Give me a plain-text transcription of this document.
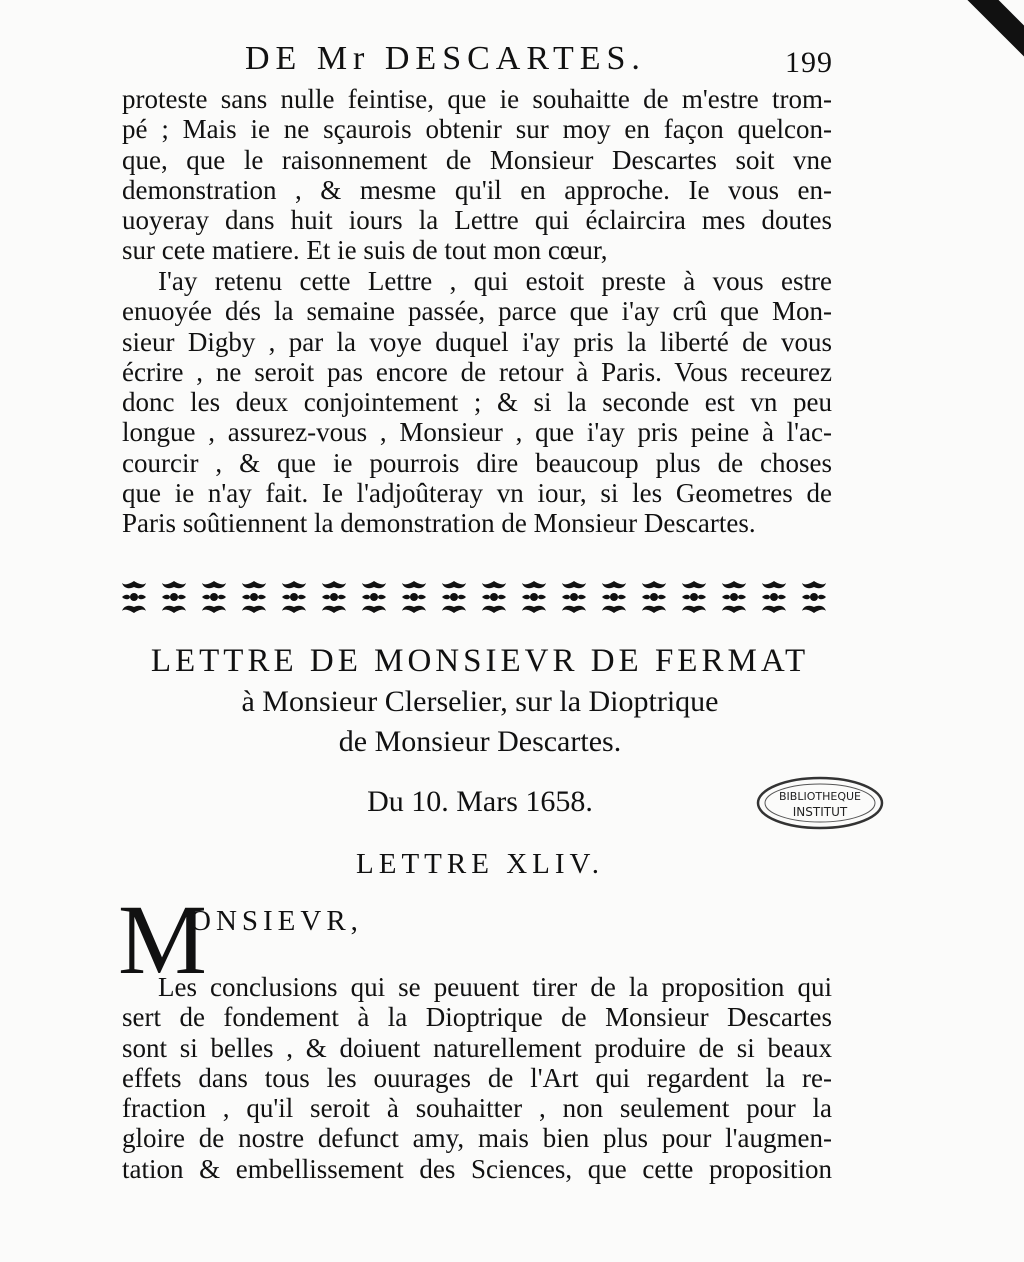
DE Mr DESCARTES.	199
proteste sans nulle feintise, que ie souhaitte de m'estre trom-
pé ; Mais ie ne sçaurois obtenir sur moy en façon quelcon-
que, que le raisonnement de Monsieur Descartes soit vne
demonstration , & mesme qu'il en approche. Ie vous en-
uoyeray dans huit iours la Lettre qui éclaircira mes doutes
sur cete matiere. Et ie suis de tout mon cœur,
I'ay retenu cette Lettre , qui estoit preste à vous estre
enuoyée dés la semaine passée, parce que i'ay crû que Mon-
sieur Digby , par la voye duquel i'ay pris la liberté de vous
écrire , ne seroit pas encore de retour à Paris. Vous receurez
donc les deux conjointement ; & si la seconde est vn peu
longue , assurez-vous , Monsieur , que i'ay pris peine à l'ac-
courcir , & que ie pourrois dire beaucoup plus de choses
que ie n'ay fait. Ie l'adjoûteray vn iour, si les Geometres de
Paris soûtiennent la demonstration de Monsieur Descartes.
LETTRE DE MONSIEVR DE FERMAT
à Monsieur Clerselier, sur la Dioptrique
de Monsieur Descartes.
Du 10. Mars 1658.	BIBLIOTHEQUE
INSTITUT
LETTRE XLIV.
M
ONSIEVR,
Les conclusions qui se peuuent tirer de la proposition qui
sert de fondement à la Dioptrique de Monsieur Descartes
sont si belles , & doiuent naturellement produire de si beaux
effets dans tous les ouurages de l'Art qui regardent la re-
fraction , qu'il seroit à souhaitter , non seulement pour la
gloire de nostre defunct amy, mais bien plus pour l'augmen-
tation & embellissement des Sciences, que cette proposition
